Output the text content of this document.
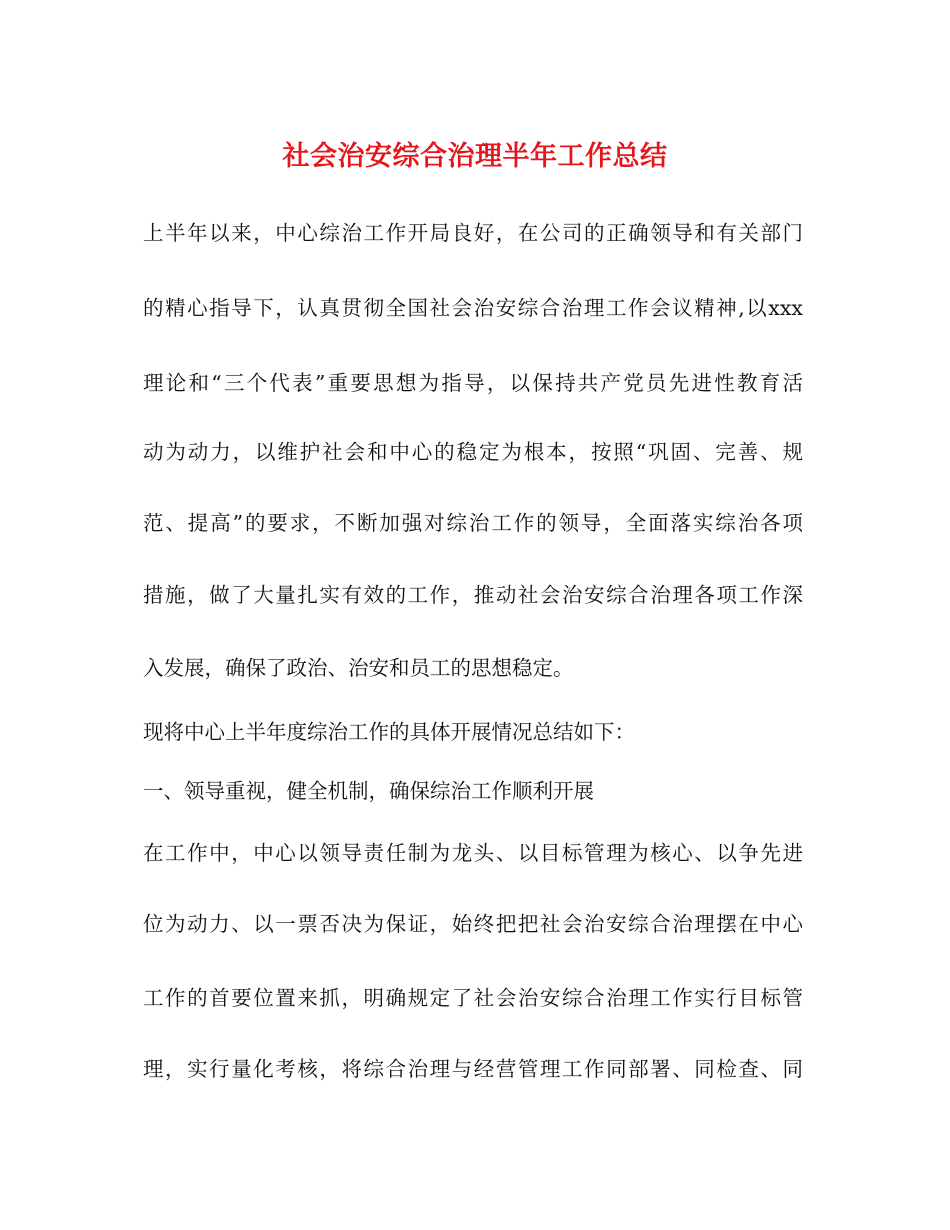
社会治安综合治理半年工作总结
上半年以来，中心综治工作开局良好，在公司的正确领导和有关部门
的精心指导下，认真贯彻全国社会治安综合治理工作会议精神,以xxx
理论和“三个代表”重要思想为指导，以保持共产党员先进性教育活
动为动力，以维护社会和中心的稳定为根本，按照“巩固、完善、规
范、提高”的要求，不断加强对综治工作的领导，全面落实综治各项
措施，做了大量扎实有效的工作，推动社会治安综合治理各项工作深
入发展，确保了政治、治安和员工的思想稳定。
现将中心上半年度综治工作的具体开展情况总结如下：
一、领导重视，健全机制，确保综治工作顺利开展
在工作中，中心以领导责任制为龙头、以目标管理为核心、以争先进
位为动力、以一票否决为保证，始终把把社会治安综合治理摆在中心
工作的首要位置来抓，明确规定了社会治安综合治理工作实行目标管
理，实行量化考核，将综合治理与经营管理工作同部署、同检查、同
